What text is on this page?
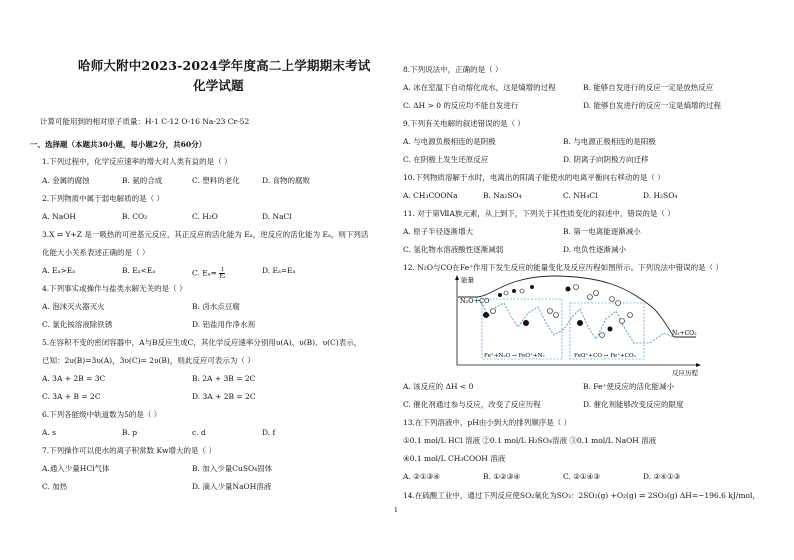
哈师大附中2023-2024学年度高二上学期期末考试
化学试题
计算可能用到的相对原子质量：H-1 C-12 O-16 Na-23 Cr-52
一、选择题（本题共30小题，每小题2分，共60分）
1.下列过程中，化学反应速率的增大对人类有益的是（ ）
A. 金属的腐蚀	B. 氨的合成	C. 塑料的老化	D. 食物的腐败
2.下列物质中属于弱电解质的是（ ）
A. NaOH	B. CO₂	C. H₂O	D. NaCl
3.X ⇌ Y+Z 是一吸热的可逆基元反应，其正反应的活化能为 Eₐ，逆反应的活化能为 Eₐ，则下列活
化能大小关系表述正确的是（ ）
A. Eₐ>Eₐ	B. Eₐ<Eₐ	C. $E_a= \frac{1}{\text{Eₐ}}$	D. Eₐ=Eₐ
4.下列事实或操作与盐类水解无关的是（ ）
A. 泡沫灭火器灭火	B. 卤水点豆腐
C. 氯化铵溶液除铁锈	D. 铝盐用作净水剂
5.在容积不变的密闭容器中，A与B反应生成C，其化学反应速率分别用υ(A)、υ(B)、υ(C)表示，
已知：2υ(B)=3υ(A)，3υ(C)= 2υ(B)，则此反应可表示为（ ）
A. 3A + 2B = 3C	B. 2A + 3B = 2C
C. 3A + B = 2C	D. 3A + 2B = 2C
6.下列各能级中轨道数为5的是（ ）
A. s	B. p	c. d	D. f
7.下列操作可以使水的离子积常数 Kw增大的是（ ）
A.通入少量HCl气体	B. 加入少量CuSO₄固体
C. 加热	D. 滴入少量NaOH溶液
8.下列说法中，正确的是（ ）
A. 冰在室温下自动熔化成水，这是熵增的过程	B. 能够自发进行的反应一定是放热反应
C. ΔH > 0 的反应均不能自发进行	D. 能够自发进行的反应一定是熵增的过程
9.下列有关电解的叙述错误的是（ ）
A. 与电源负极相连的是阴极	B. 与电源正极相连的是阳极
C. 在阴极上发生还原反应	D. 阴离子向阴极方向迁移
10.下列物质溶解于水时，电离出的阳离子能使水的电离平衡向右移动的是（ ）
A. CH₃COONa	B. Na₂SO₄	C. NH₄Cl	D. H₂SO₄
11. 对于第ⅦA族元素，从上到下，下列关于其性质变化的叙述中，错误的是（ ）
A. 原子半径逐渐增大	B. 第一电离能逐渐减小
C. 氢化物水溶液酸性逐渐减弱	D. 电负性逐渐减小
12. N₂O与CO在Fe⁺作用下发生反应的能量变化及反应历程如图所示。下列说法中错误的是（ ）
能量
反应历程
N₂O+CO
N₂+CO₂
Fe⁺+N₂O → FeO⁺+N₂	FeO⁺+CO → Fe⁺+CO₂
A. 该反应的 ΔH < 0	B. Fe⁺使反应的活化能减小
C. 催化剂通过参与反应，改变了反应历程	D. 催化剂能够改变反应的限度
13.在下列溶液中，pH由小到大的排列顺序是（ ）
①0.1 mol/L HCl 溶液 ②0.1 mol/L H₂SO₄溶液 ③0.1 mol/L NaOH 溶液
④0.1 mol/L CH₃COOH 溶液
A. ②①③④	B. ①②③④	C. ②①④③	D. ②④①③
14.在硫酸工业中，通过下列反应使SO₂氧化为SO₃：2SO₂(g) +O₂(g) ⇌ 2SO₃(g) ΔH=−196.6 kJ/mol，
1
